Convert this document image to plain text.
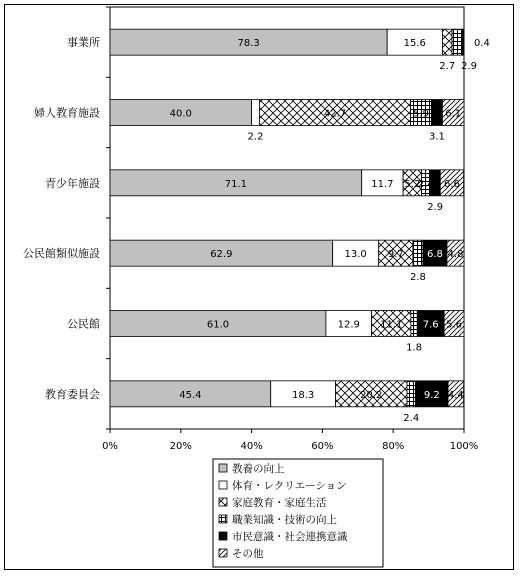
0%	20%	40%	60%	80%	100%
事業所	78.3	15.6
2.7 2.9
0.4
婦人教育施設	40.0
2.2
42.7	5.9
3.1
6.1
青少年施設	71.1	11.7 5.2
2.4
2.9
6.6
公民館類似施設	62.9	13.0 9.7
2.8
6.8 4.8
公民館	61.0	12.9 11.1
1.8
7.6 5.6
教育委員会	45.4	18.3	20.2
2.4
9.2 4.4
教養の向上
体育・レクリエーション
家庭教育・家庭生活
職業知識・技術の向上
市民意識・社会連携意識
その他
